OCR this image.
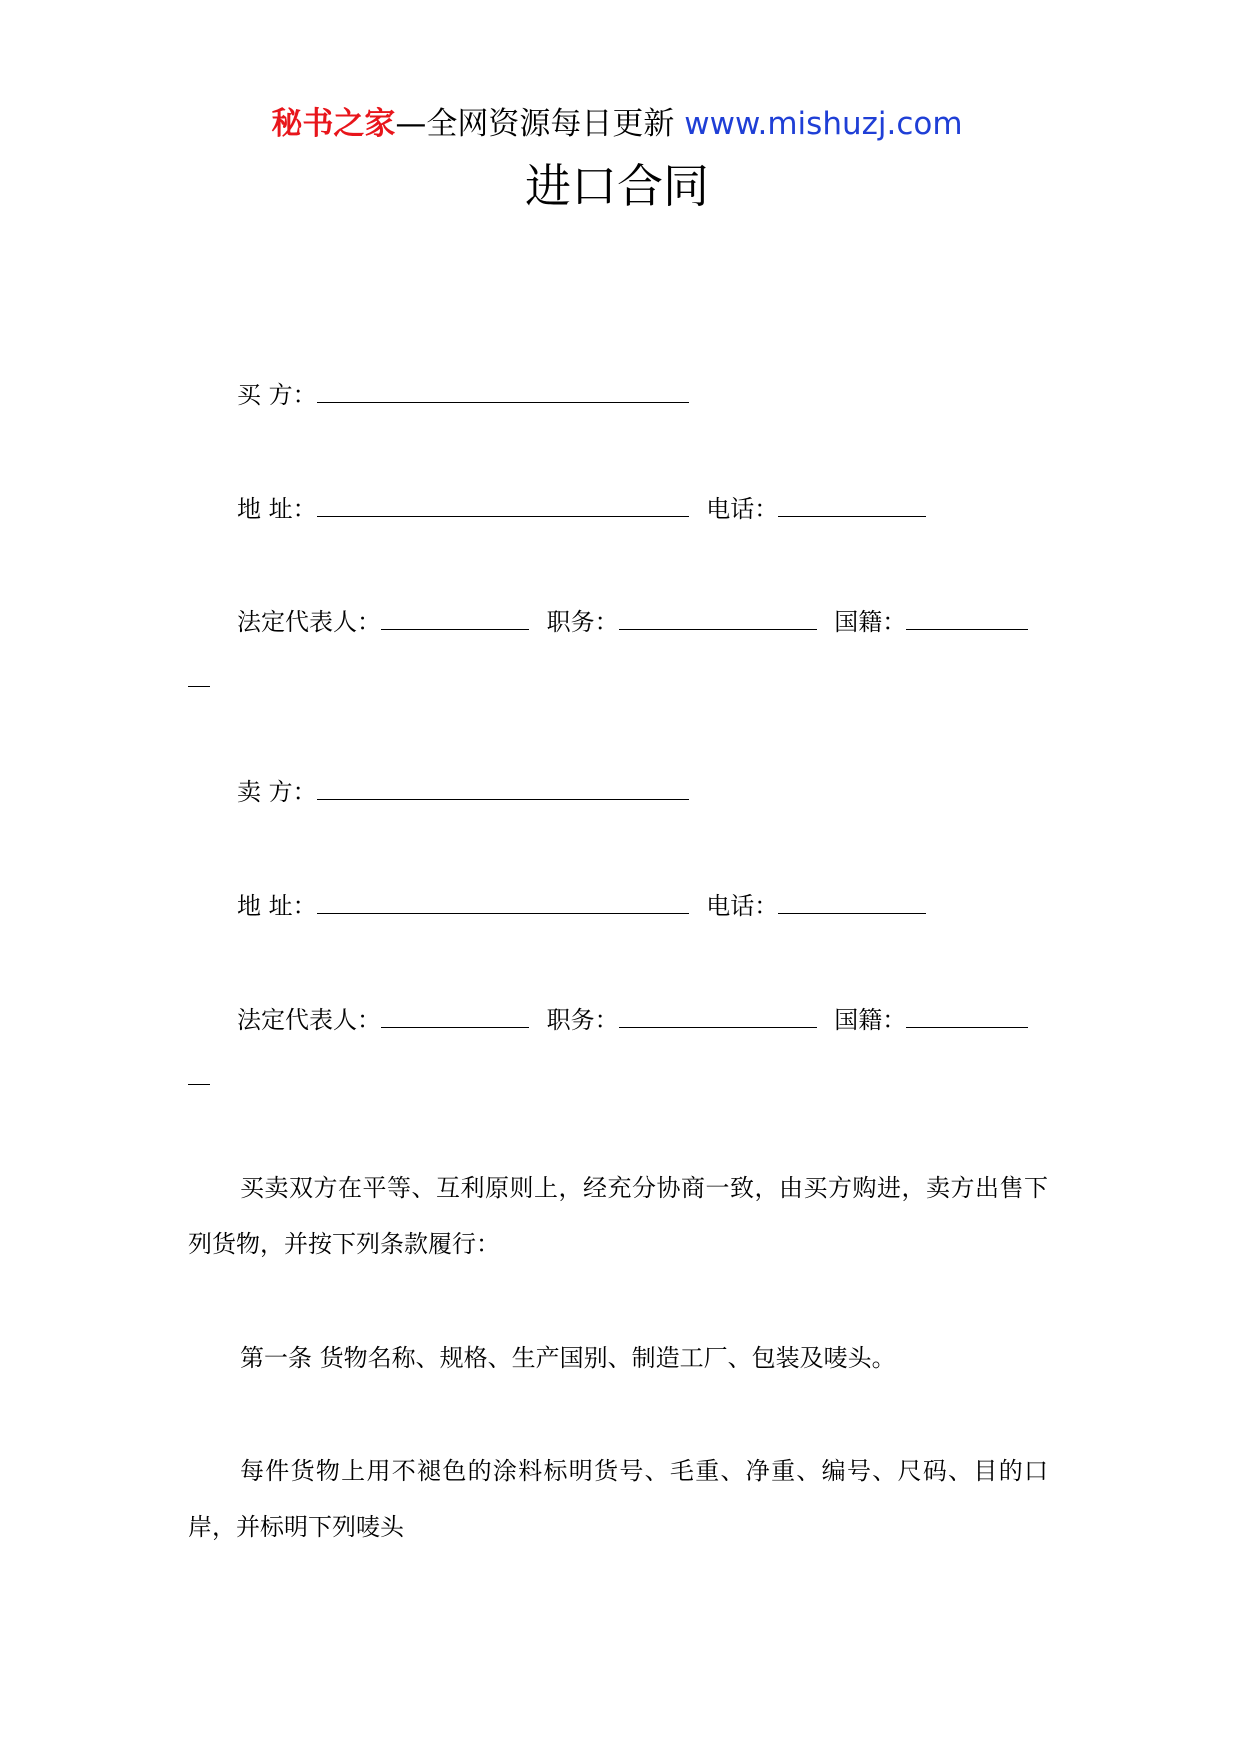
秘书之家—全网资源每日更新 www.mishuzj.com
进口合同
买 方：
地 址：	电话：
法定代表人：	职务：	国籍：
卖 方：
地 址：	电话：
法定代表人：	职务：	国籍：
买卖双方在平等、互利原则上，经充分协商一致，由买方购进，卖方出售下列货物，并按下列条款履行：
第一条 货物名称、规格、生产国别、制造工厂、包装及唛头。
每件货物上用不褪色的涂料标明货号、毛重、净重、编号、尺码、目的口岸，并标明下列唛头
